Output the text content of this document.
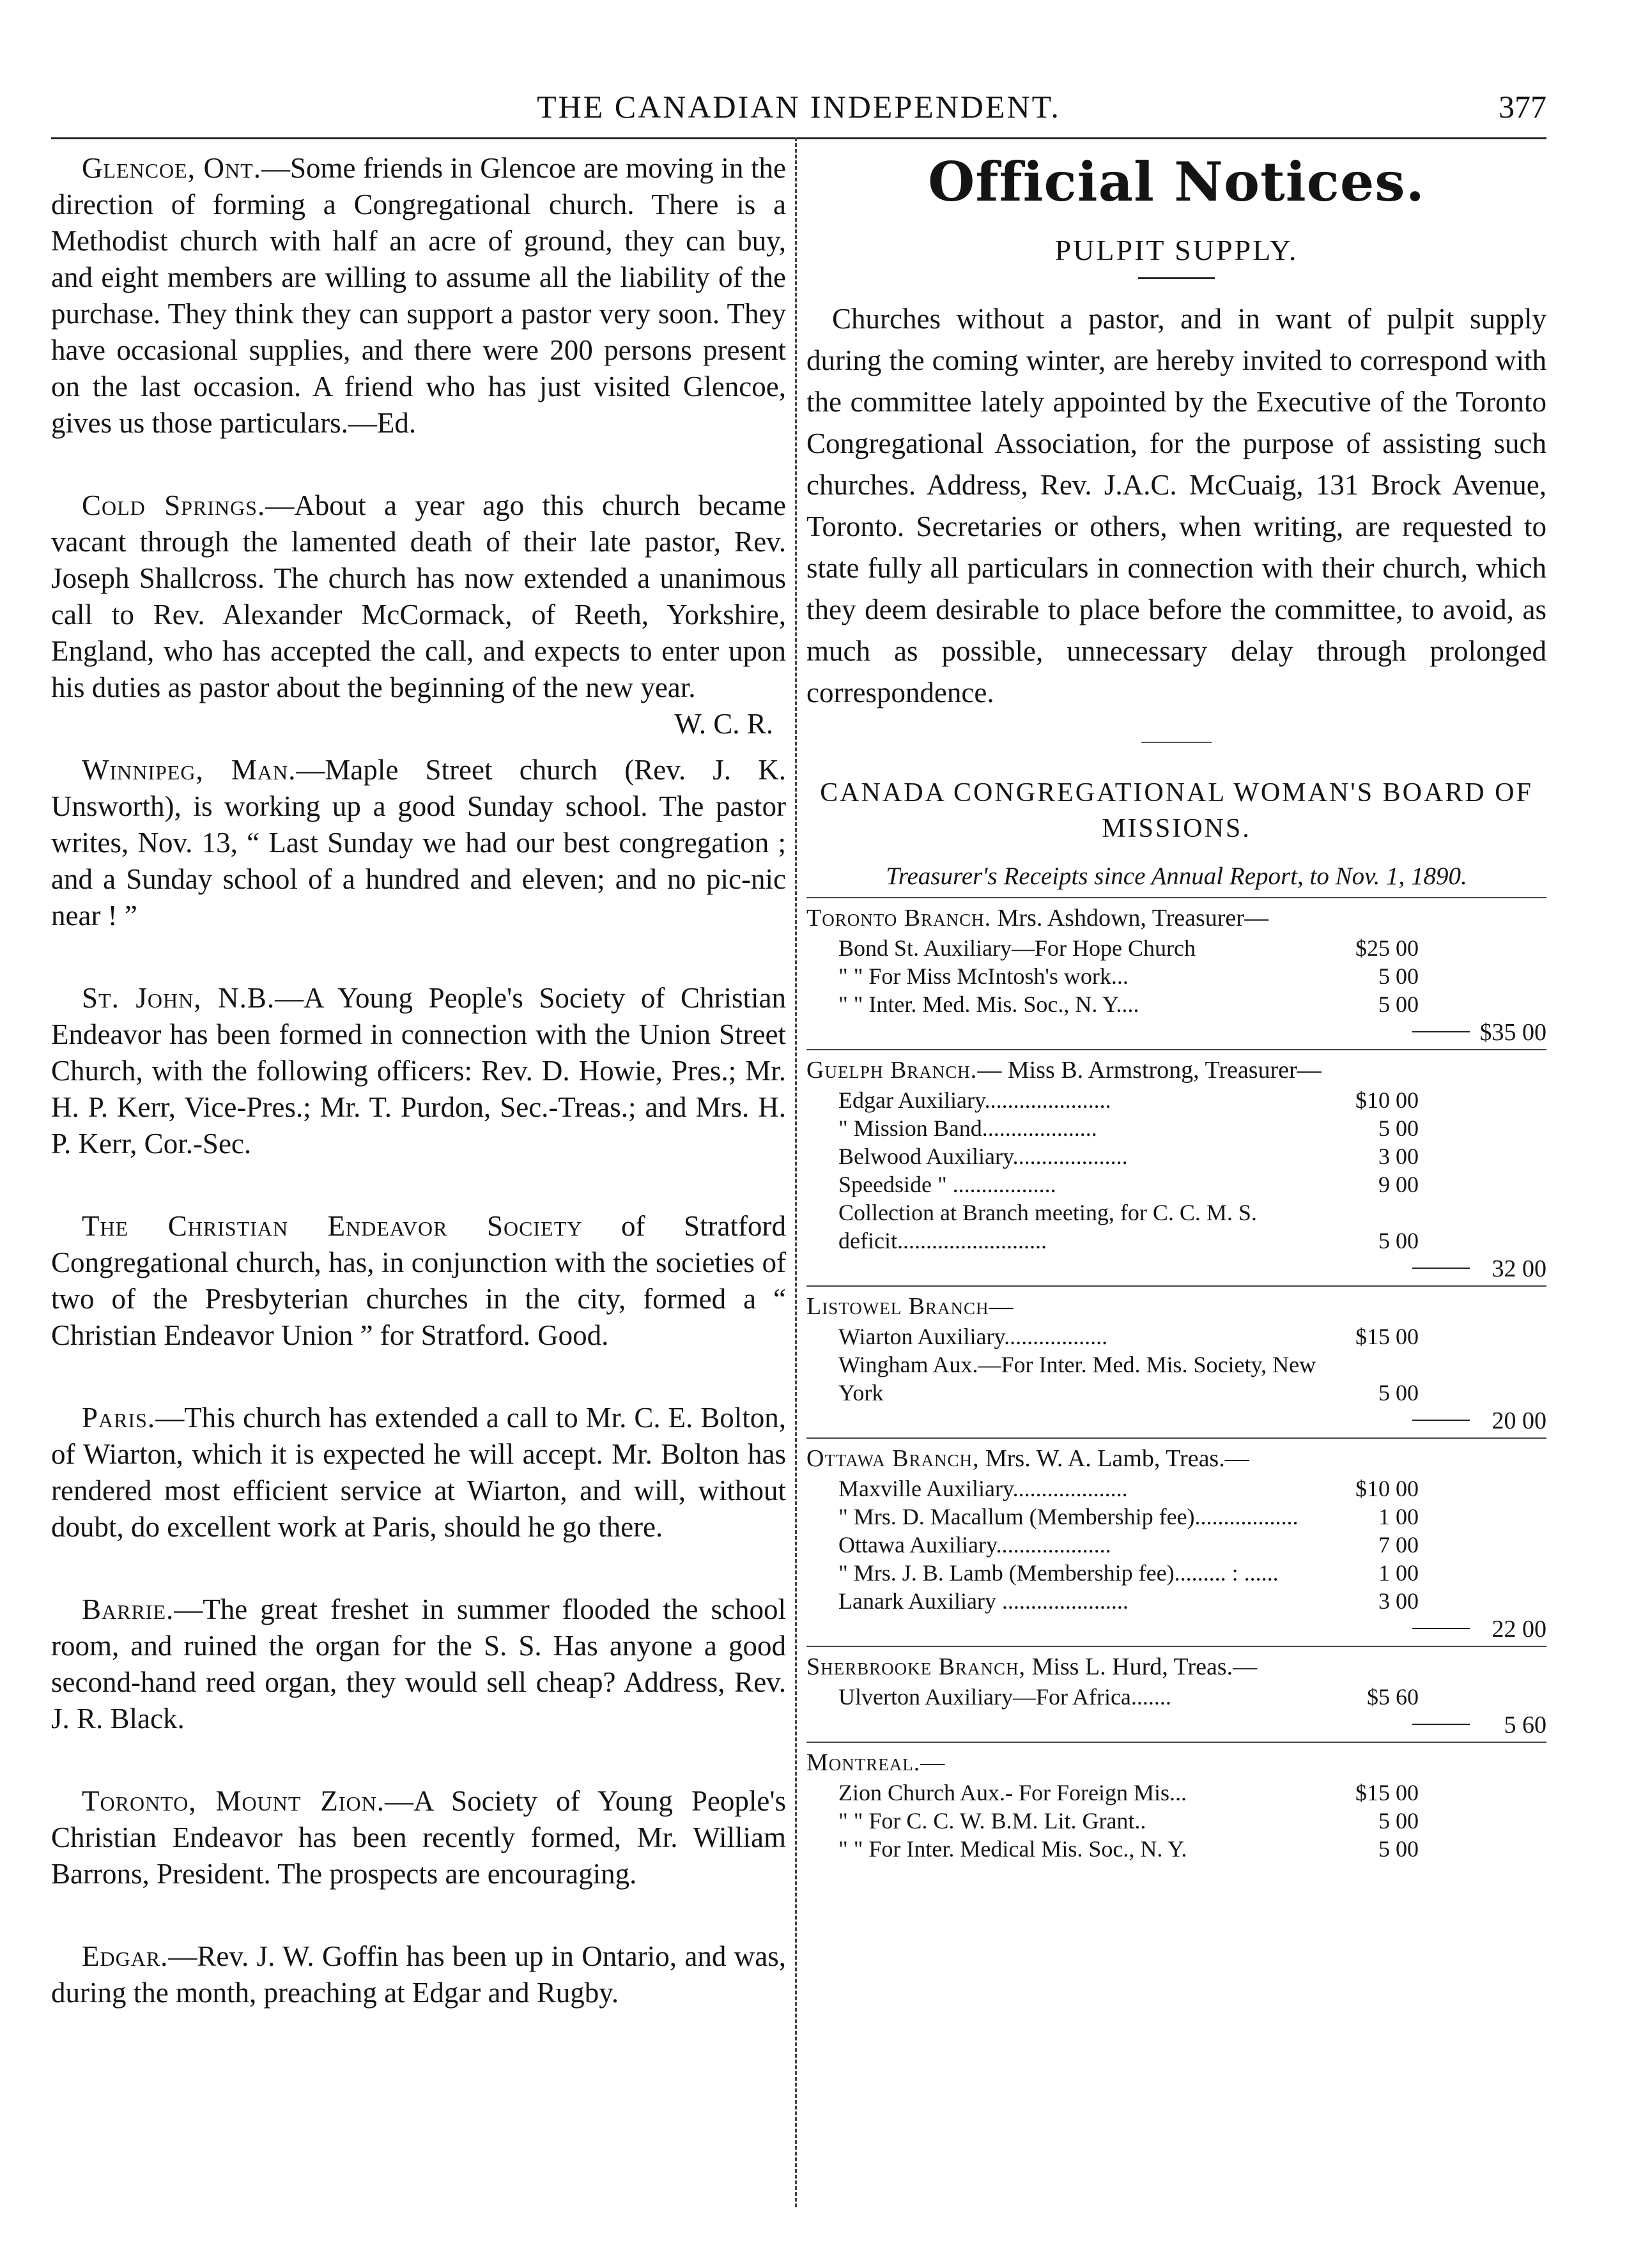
THE CANADIAN INDEPENDENT.	377

Glencoe, Ont.—Some friends in Glencoe are moving in the direction of forming a Congregational church. There is a Methodist church with half an acre of ground, they can buy, and eight members are willing to assume all the liability of the purchase. They think they can support a pastor very soon. They have occasional supplies, and there were 200 persons present on the last occasion. A friend who has just visited Glencoe, gives us those particulars.—Ed.

Cold Springs.—About a year ago this church became vacant through the lamented death of their late pastor, Rev. Joseph Shallcross. The church has now extended a unanimous call to Rev. Alexander McCormack, of Reeth, Yorkshire, England, who has accepted the call, and expects to enter upon his duties as pastor about the beginning of the new year.
W. C. R.

Winnipeg, Man.—Maple Street church (Rev. J. K. Unsworth), is working up a good Sunday school. The pastor writes, Nov. 13, “ Last Sunday we had our best congregation ; and a Sunday school of a hundred and eleven; and no pic-nic near ! ”

St. John, N.B.—A Young People's Society of Christian Endeavor has been formed in connection with the Union Street Church, with the following officers: Rev. D. Howie, Pres.; Mr. H. P. Kerr, Vice-Pres.; Mr. T. Purdon, Sec.-Treas.; and Mrs. H. P. Kerr, Cor.-Sec.

The Christian Endeavor Society of Stratford Congregational church, has, in conjunction with the societies of two of the Presbyterian churches in the city, formed a “ Christian Endeavor Union ” for Stratford. Good.

Paris.—This church has extended a call to Mr. C. E. Bolton, of Wiarton, which it is expected he will accept. Mr. Bolton has rendered most efficient service at Wiarton, and will, without doubt, do excellent work at Paris, should he go there.

Barrie.—The great freshet in summer flooded the school room, and ruined the organ for the S. S. Has anyone a good second-hand reed organ, they would sell cheap? Address, Rev. J. R. Black.

Toronto, Mount Zion.—A Society of Young People's Christian Endeavor has been recently formed, Mr. William Barrons, President. The prospects are encouraging.

Edgar.—Rev. J. W. Goffin has been up in Ontario, and was, during the month, preaching at Edgar and Rugby.

Official Notices.
PULPIT SUPPLY.

Churches without a pastor, and in want of pulpit supply during the coming winter, are hereby invited to correspond with the committee lately appointed by the Executive of the Toronto Congregational Association, for the purpose of assisting such churches. Address, Rev. J.A.C. McCuaig, 131 Brock Avenue, Toronto. Secretaries or others, when writing, are requested to state fully all particulars in connection with their church, which they deem desirable to place before the committee, to avoid, as much as possible, unnecessary delay through prolonged correspondence.

CANADA CONGREGATIONAL WOMAN'S BOARD OF MISSIONS.
Treasurer's Receipts since Annual Report, to Nov. 1, 1890.
Toronto Branch. Mrs. Ashdown, Treasurer—
Bond St. Auxiliary—For Hope Church	$25 00
" " For Miss McIntosh's work...	5 00
" " Inter. Med. Mis. Soc., N. Y....	5 00
$35 00
Guelph Branch.— Miss B. Armstrong, Treasurer—
Edgar Auxiliary......................	$10 00
" Mission Band....................	5 00
Belwood Auxiliary....................	3 00
Speedside " ..................	9 00
Collection at Branch meeting, for C. C. M. S. deficit..........................	5 00
32 00
Listowel Branch—
Wiarton Auxiliary..................	$15 00
Wingham Aux.—For Inter. Med. Mis. Society, New York	5 00
20 00
Ottawa Branch, Mrs. W. A. Lamb, Treas.—
Maxville Auxiliary....................	$10 00
" Mrs. D. Macallum (Membership fee)..................	1 00
Ottawa Auxiliary....................	7 00
" Mrs. J. B. Lamb (Membership fee)......... : ......	1 00
Lanark Auxiliary ......................	3 00
22 00
Sherbrooke Branch, Miss L. Hurd, Treas.—
Ulverton Auxiliary—For Africa.......	$5 60
5 60
Montreal.—
Zion Church Aux.- For Foreign Mis...	$15 00
" " For C. C. W. B.M. Lit. Grant..	5 00
" " For Inter. Medical Mis. Soc., N. Y.	5 00
